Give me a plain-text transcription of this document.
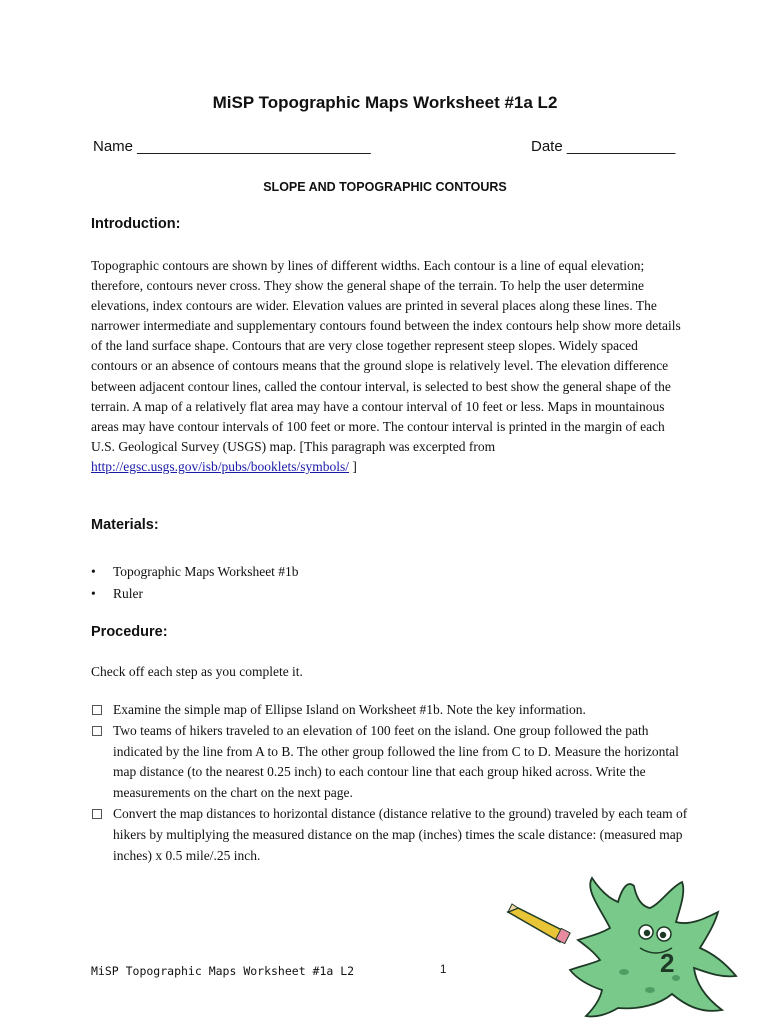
MiSP Topographic Maps Worksheet #1a L2
Name ____________________________	Date _____________
SLOPE AND TOPOGRAPHIC CONTOURS
Introduction:
Topographic contours are shown by lines of different widths. Each contour is a line of equal elevation; therefore, contours never cross. They show the general shape of the terrain. To help the user determine elevations, index contours are wider. Elevation values are printed in several places along these lines. The narrower intermediate and supplementary contours found between the index contours help show more details of the land surface shape. Contours that are very close together represent steep slopes. Widely spaced contours or an absence of contours means that the ground slope is relatively level. The elevation difference between adjacent contour lines, called the contour interval, is selected to best show the general shape of the terrain. A map of a relatively flat area may have a contour interval of 10 feet or less. Maps in mountainous areas may have contour intervals of 100 feet or more. The contour interval is printed in the margin of each U.S. Geological Survey (USGS) map. [This paragraph was excerpted from http://egsc.usgs.gov/isb/pubs/booklets/symbols/ ]
Materials:
• Topographic Maps Worksheet #1b
• Ruler
Procedure:
Check off each step as you complete it.
Examine the simple map of Ellipse Island on Worksheet #1b. Note the key information.
Two teams of hikers traveled to an elevation of 100 feet on the island. One group followed the path indicated by the line from A to B. The other group followed the line from C to D. Measure the horizontal map distance (to the nearest 0.25 inch) to each contour line that each group hiked across. Write the measurements on the chart on the next page.
Convert the map distances to horizontal distance (distance relative to the ground) traveled by each team of hikers by multiplying the measured distance on the map (inches) times the scale distance: (measured map inches) x 0.5 mile/.25 inch.
MiSP Topographic Maps Worksheet #1a L2	1	2
